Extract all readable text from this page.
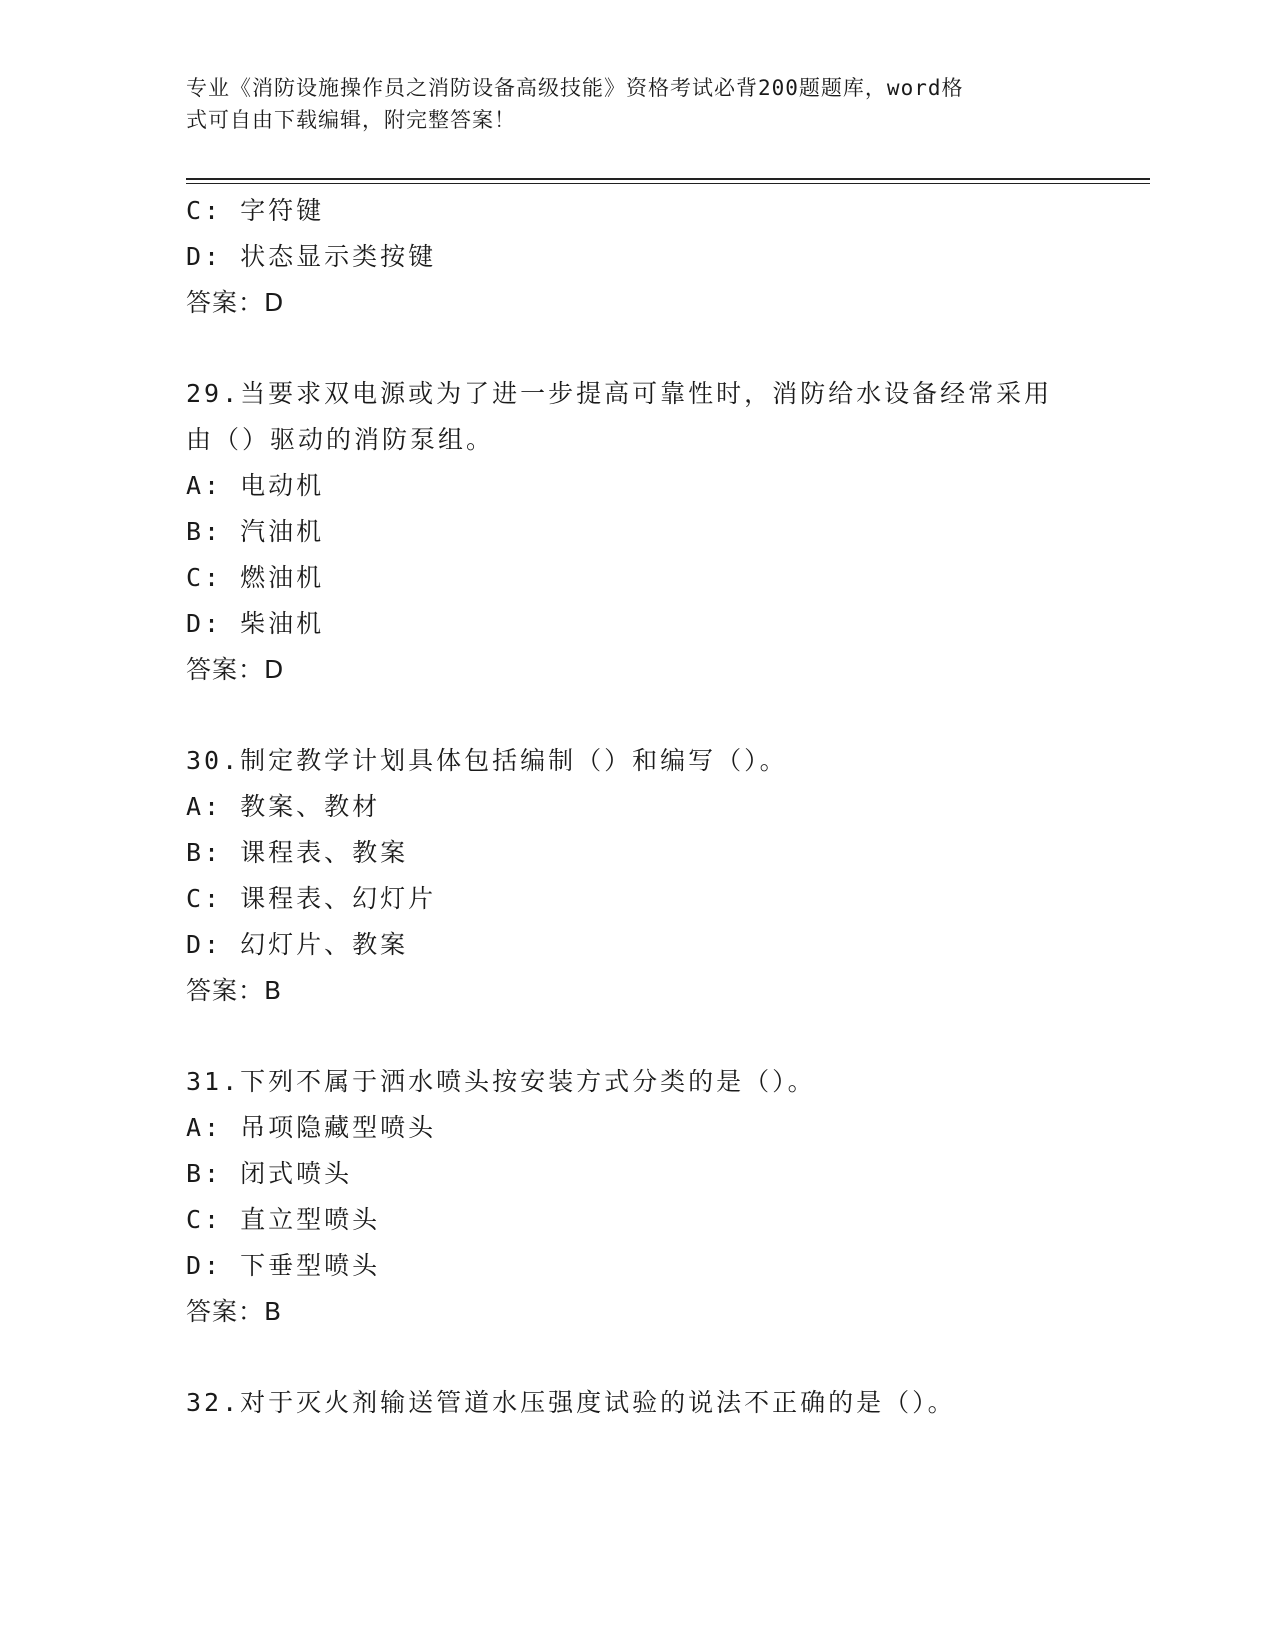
专业《消防设施操作员之消防设备高级技能》资格考试必背200题题库，word格
式可自由下载编辑，附完整答案！
C: 字符键
D: 状态显示类按键
答案：D
29.当要求双电源或为了进一步提高可靠性时，消防给水设备经常采用
由（）驱动的消防泵组。
A: 电动机
B: 汽油机
C: 燃油机
D: 柴油机
答案：D
30.制定教学计划具体包括编制（）和编写（）。
A: 教案、教材
B: 课程表、教案
C: 课程表、幻灯片
D: 幻灯片、教案
答案：B
31.下列不属于洒水喷头按安装方式分类的是（）。
A: 吊项隐藏型喷头
B: 闭式喷头
C: 直立型喷头
D: 下垂型喷头
答案：B
32.对于灭火剂输送管道水压强度试验的说法不正确的是（）。
